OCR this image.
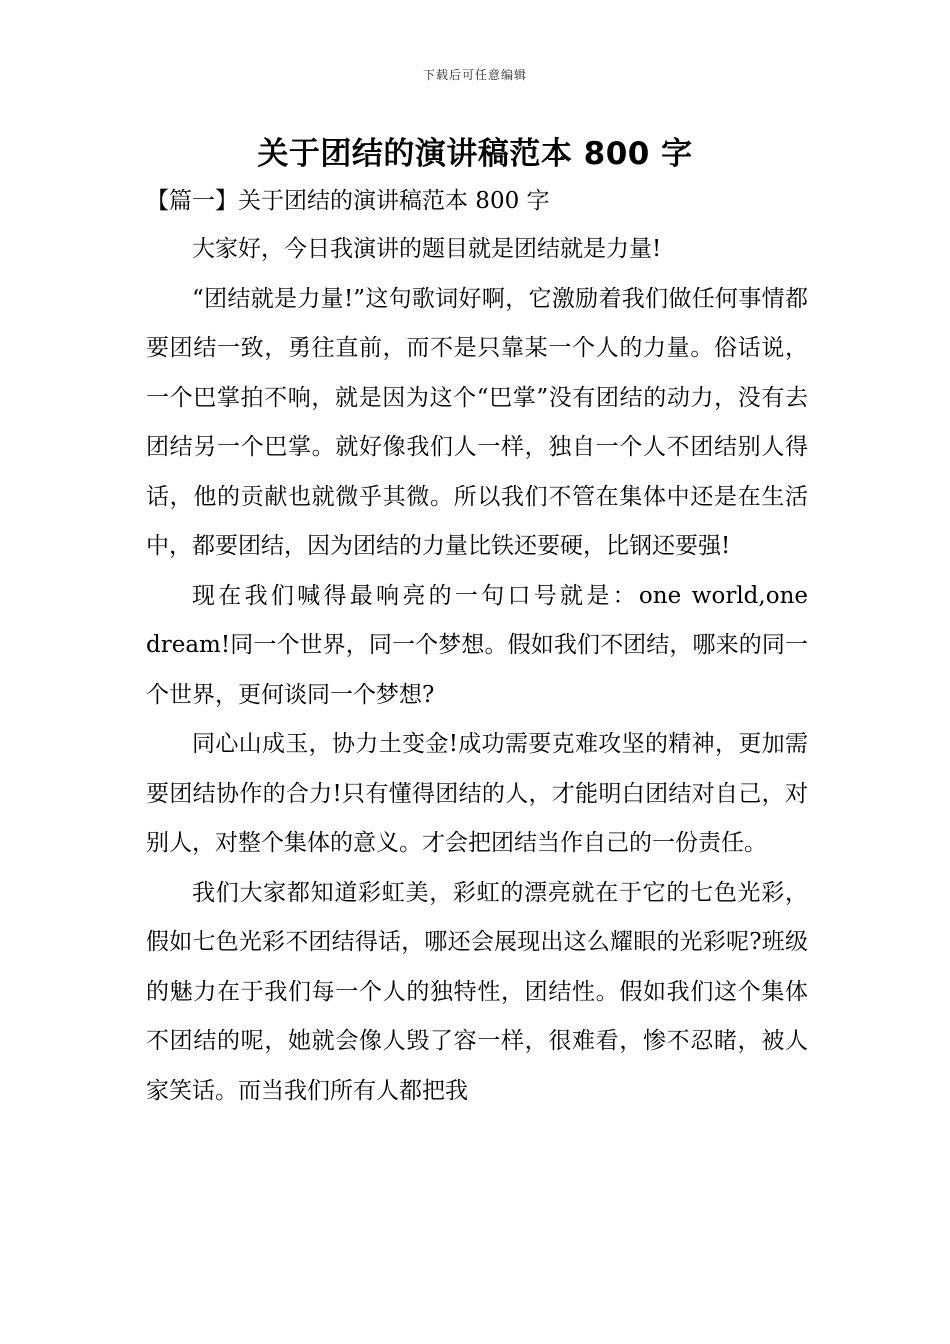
下载后可任意编辑
关于团结的演讲稿范本 800 字
【篇一】关于团结的演讲稿范本 800 字

大家好，今日我演讲的题目就是团结就是力量!

“团结就是力量!”这句歌词好啊，它激励着我们做任何事情都要团结一致，勇往直前，而不是只靠某一个人的力量。俗话说，一个巴掌拍不响，就是因为这个“巴掌”没有团结的动力，没有去团结另一个巴掌。就好像我们人一样，独自一个人不团结别人得话，他的贡献也就微乎其微。所以我们不管在集体中还是在生活中，都要团结，因为团结的力量比铁还要硬，比钢还要强!

现在我们喊得最响亮的一句口号就是：one world,one dream!同一个世界，同一个梦想。假如我们不团结，哪来的同一个世界，更何谈同一个梦想?

同心山成玉，协力土变金!成功需要克难攻坚的精神，更加需要团结协作的合力!只有懂得团结的人，才能明白团结对自己，对别人，对整个集体的意义。才会把团结当作自己的一份责任。

我们大家都知道彩虹美，彩虹的漂亮就在于它的七色光彩，假如七色光彩不团结得话，哪还会展现出这么耀眼的光彩呢?班级的魅力在于我们每一个人的独特性，团结性。假如我们这个集体不团结的呢，她就会像人毁了容一样，很难看，惨不忍睹，被人家笑话。而当我们所有人都把我
